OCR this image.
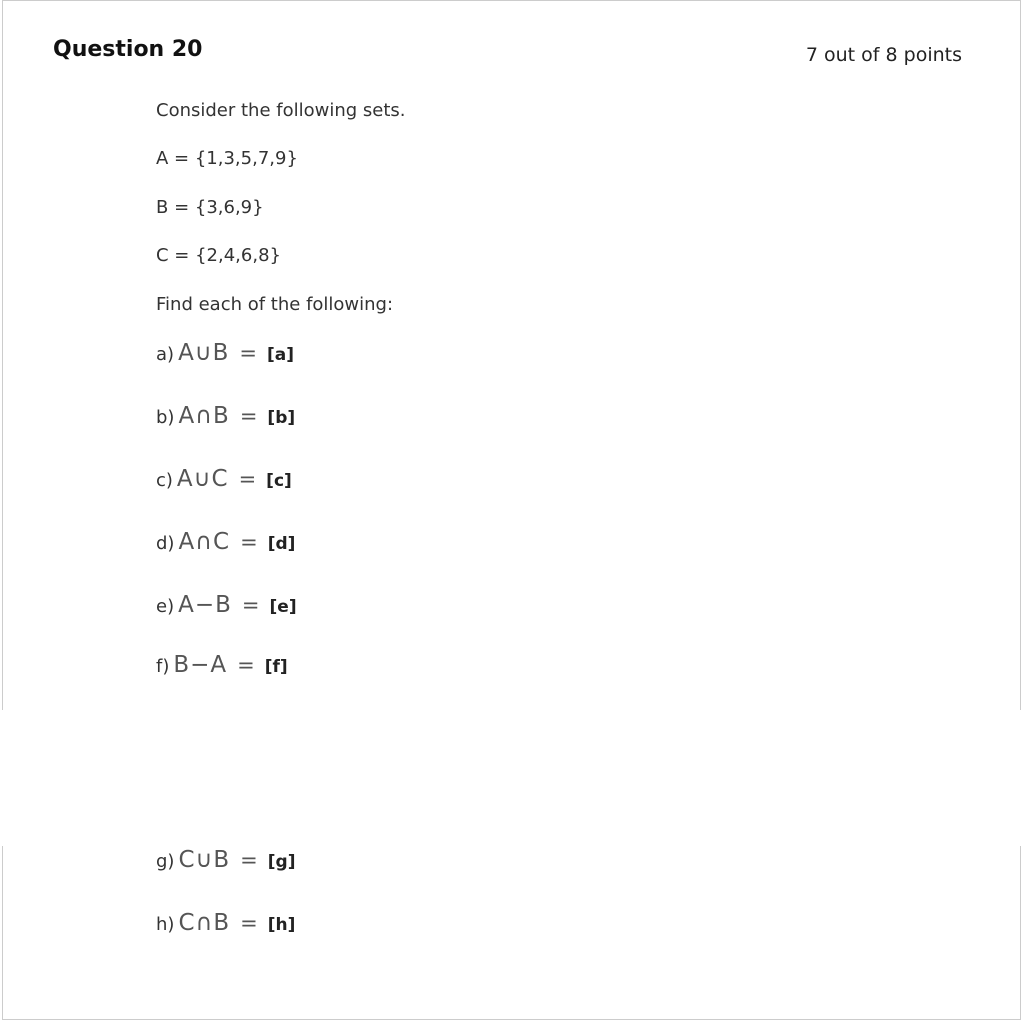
Question 20	7 out of 8 points
Consider the following sets.
A = {1,3,5,7,9}
B = {3,6,9}
C = {2,4,6,8}
Find each of the following:
a) A∪B = [a]
b) A∩B = [b]
c) A∪C = [c]
d) A∩C = [d]
e) A−B = [e]
f) B−A = [f]
g) C∪B = [g]
h) C∩B = [h]
